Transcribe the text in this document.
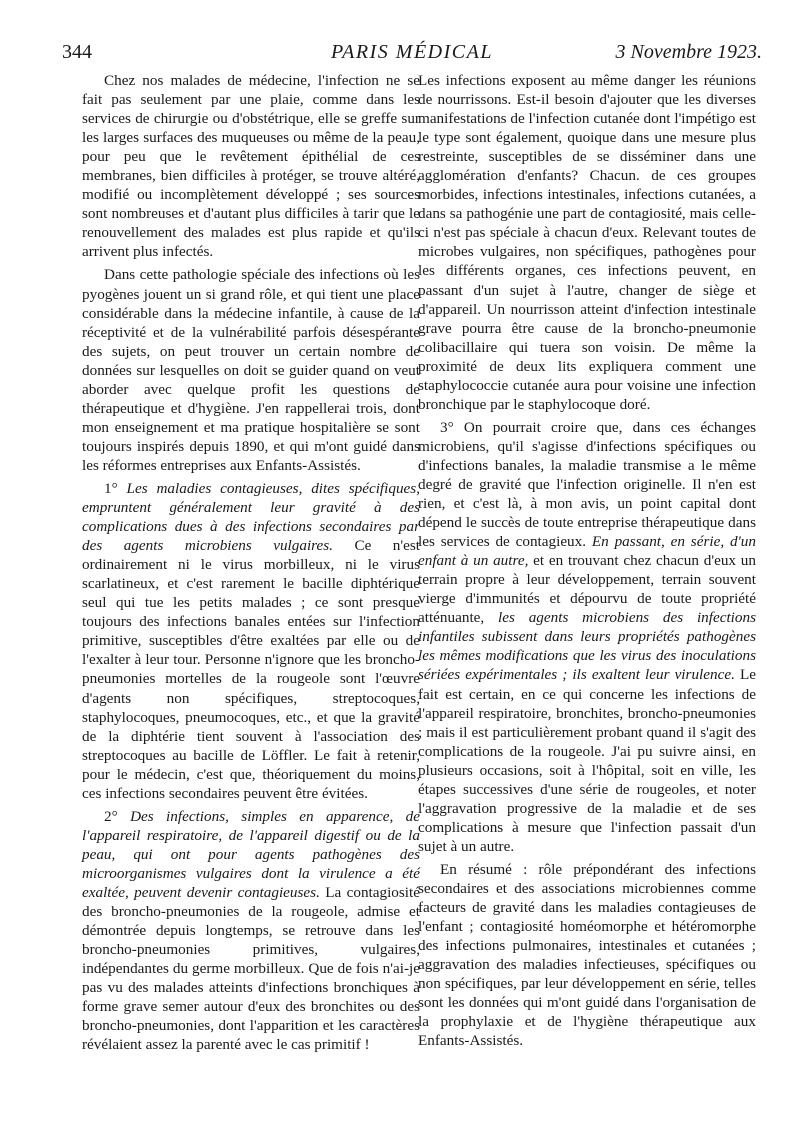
344	PARIS MÉDICAL	3 Novembre 1923.

Chez nos malades de médecine, l'infection ne se fait pas seulement par une plaie, comme dans les services de chirurgie ou d'obstétrique, elle se greffe sur les larges surfaces des muqueuses ou même de la peau, pour peu que le revêtement épithélial de ces membranes, bien difficiles à protéger, se trouve altéré, modifié ou incomplètement développé ; ses sources sont nombreuses et d'autant plus difficiles à tarir que le renouvellement des malades est plus rapide et qu'ils arrivent plus infectés.

Dans cette pathologie spéciale des infections où les pyogènes jouent un si grand rôle, et qui tient une place considérable dans la médecine infantile, à cause de la réceptivité et de la vulnérabilité parfois désespérante des sujets, on peut trouver un certain nombre de données sur lesquelles on doit se guider quand on veut aborder avec quelque profit les questions de thérapeutique et d'hygiène. J'en rappellerai trois, dont mon enseignement et ma pratique hospitalière se sont toujours inspirés depuis 1890, et qui m'ont guidé dans les réformes entreprises aux Enfants-Assistés.

1° Les maladies contagieuses, dites spécifiques, empruntent généralement leur gravité à des complications dues à des infections secondaires par des agents microbiens vulgaires. Ce n'est ordinairement ni le virus morbilleux, ni le virus scarlatineux, et c'est rarement le bacille diphtérique seul qui tue les petits malades ; ce sont presque toujours des infections banales entées sur l'infection primitive, susceptibles d'être exaltées par elle ou de l'exalter à leur tour. Personne n'ignore que les broncho-pneumonies mortelles de la rougeole sont l'œuvre d'agents non spécifiques, streptocoques, staphylocoques, pneumocoques, etc., et que la gravité de la diphtérie tient souvent à l'association des streptocoques au bacille de Löffler. Le fait à retenir, pour le médecin, c'est que, théoriquement du moins, ces infections secondaires peuvent être évitées.

2° Des infections, simples en apparence, de l'appareil respiratoire, de l'appareil digestif ou de la peau, qui ont pour agents pathogènes des microorganismes vulgaires dont la virulence a été exaltée, peuvent devenir contagieuses. La contagiosité des broncho-pneumonies de la rougeole, admise et démontrée depuis longtemps, se retrouve dans les broncho-pneumonies primitives, vulgaires, indépendantes du germe morbilleux. Que de fois n'ai-je pas vu des malades atteints d'infections bronchiques à forme grave semer autour d'eux des bronchites ou des broncho-pneumonies, dont l'apparition et les caractères révélaient assez la parenté avec le cas primitif !

Les infections exposent au même danger les réunions de nourrissons. Est-il besoin d'ajouter que les diverses manifestations de l'infection cutanée dont l'impétigo est le type sont également, quoique dans une mesure plus restreinte, susceptibles de se disséminer dans une agglomération d'enfants? Chacun. de ces groupes morbides, infections intestinales, infections cutanées, a dans sa pathogénie une part de contagiosité, mais celle-ci n'est pas spéciale à chacun d'eux. Relevant toutes de microbes vulgaires, non spécifiques, pathogènes pour les différents organes, ces infections peuvent, en passant d'un sujet à l'autre, changer de siège et d'appareil. Un nourrisson atteint d'infection intestinale grave pourra être cause de la broncho-pneumonie colibacillaire qui tuera son voisin. De même la proximité de deux lits expliquera comment une staphylococcie cutanée aura pour voisine une infection bronchique par le staphylocoque doré.

3° On pourrait croire que, dans ces échanges microbiens, qu'il s'agisse d'infections spécifiques ou d'infections banales, la maladie transmise a le même degré de gravité que l'infection originelle. Il n'en est rien, et c'est là, à mon avis, un point capital dont dépend le succès de toute entreprise thérapeutique dans les services de contagieux. En passant, en série, d'un enfant à un autre, et en trouvant chez chacun d'eux un terrain propre à leur développement, terrain souvent vierge d'immunités et dépourvu de toute propriété atténuante, les agents microbiens des infections infantiles subissent dans leurs propriétés pathogènes les mêmes modifications que les virus des inoculations sériées expérimentales ; ils exaltent leur virulence. Le fait est certain, en ce qui concerne les infections de l'appareil respiratoire, bronchites, broncho-pneumonies ; mais il est particulièrement probant quand il s'agit des complications de la rougeole. J'ai pu suivre ainsi, en plusieurs occasions, soit à l'hôpital, soit en ville, les étapes successives d'une série de rougeoles, et noter l'aggravation progressive de la maladie et de ses complications à mesure que l'infection passait d'un sujet à un autre.

En résumé : rôle prépondérant des infections secondaires et des associations microbiennes comme facteurs de gravité dans les maladies contagieuses de l'enfant ; contagiosité homéomorphe et hétéromorphe des infections pulmonaires, intestinales et cutanées ; aggravation des maladies infectieuses, spécifiques ou non spécifiques, par leur développement en série, telles sont les données qui m'ont guidé dans l'organisation de la prophylaxie et de l'hygiène thérapeutique aux Enfants-Assistés.
